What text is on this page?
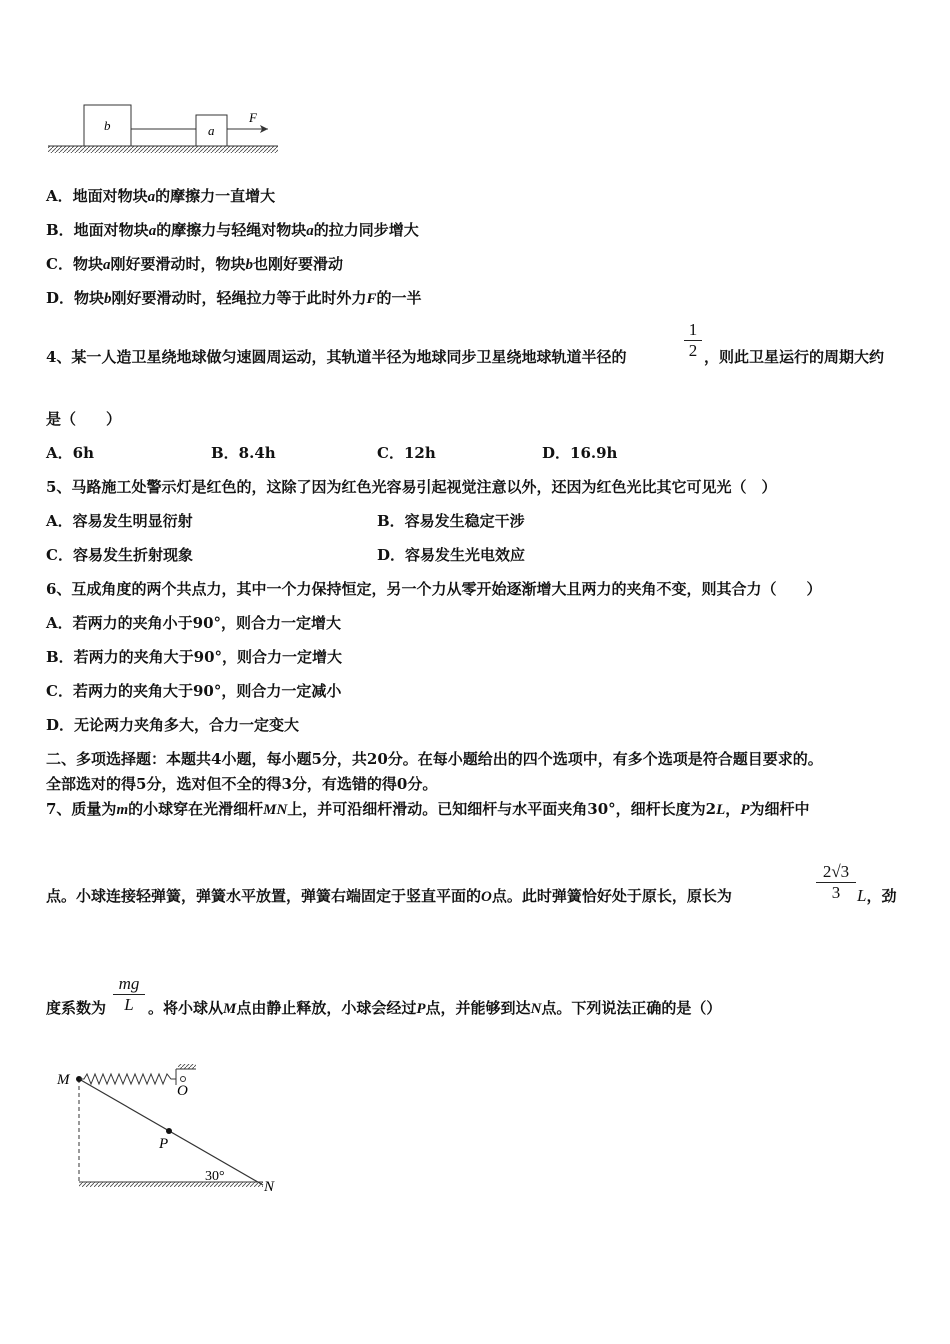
b	a
F
A．地面对物块a的摩擦力一直增大
B．地面对物块a的摩擦力与轻绳对物块a的拉力同步增大
C．物块a刚好要滑动时，物块b也刚好要滑动
D．物块b刚好要滑动时，轻绳拉力等于此时外力F的一半
4、某一人造卫星绕地球做匀速圆周运动，其轨道半径为地球同步卫星绕地球轨道半径的
1
2 ，则此卫星运行的周期大约
是（　　）
A．6h	B．8.4h	C．12h	D．16.9h
5、马路施工处警示灯是红色的，这除了因为红色光容易引起视觉注意以外，还因为红色光比其它可见光（　）
A．容易发生明显衍射	B．容易发生稳定干涉
C．容易发生折射现象	D．容易发生光电效应
6、互成角度的两个共点力，其中一个力保持恒定，另一个力从零开始逐渐增大且两力的夹角不变，则其合力（　　）
A．若两力的夹角小于90°，则合力一定增大
B．若两力的夹角大于90°，则合力一定增大
C．若两力的夹角大于90°，则合力一定减小
D．无论两力夹角多大，合力一定变大
二、多项选择题：本题共4小题，每小题5分，共20分。在每小题给出的四个选项中，有多个选项是符合题目要求的。
全部选对的得5分，选对但不全的得3分，有选错的得0分。
7、质量为m的小球穿在光滑细杆MN上，并可沿细杆滑动。已知细杆与水平面夹角30°，细杆长度为2L，P为细杆中
点。小球连接轻弹簧，弹簧水平放置，弹簧右端固定于竖直平面的O点。此时弹簧恰好处于原长，原长为
2√3
3 L，劲
度系数为
mg
L 。将小球从M点由静止释放，小球会经过P点，并能够到达N点。下列说法正确的是（）
M
O
P
30°
N
